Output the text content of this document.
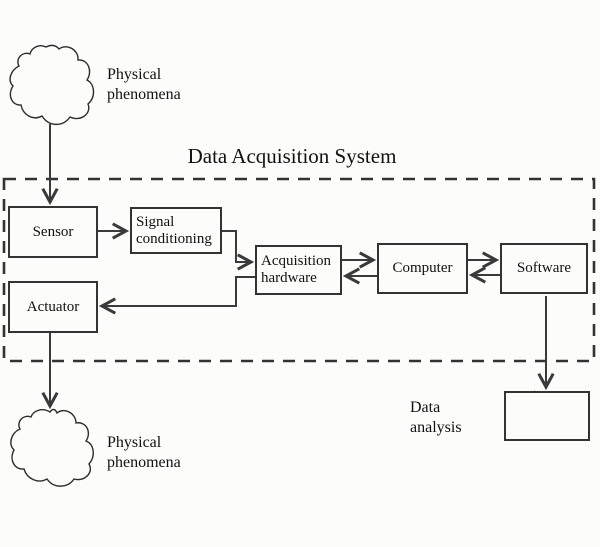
Data Acquisition System
Sensor
Signal conditioning
Acquisition hardware
Computer	Software
Actuator
Physical phenomena
Physical phenomena
Data analysis
